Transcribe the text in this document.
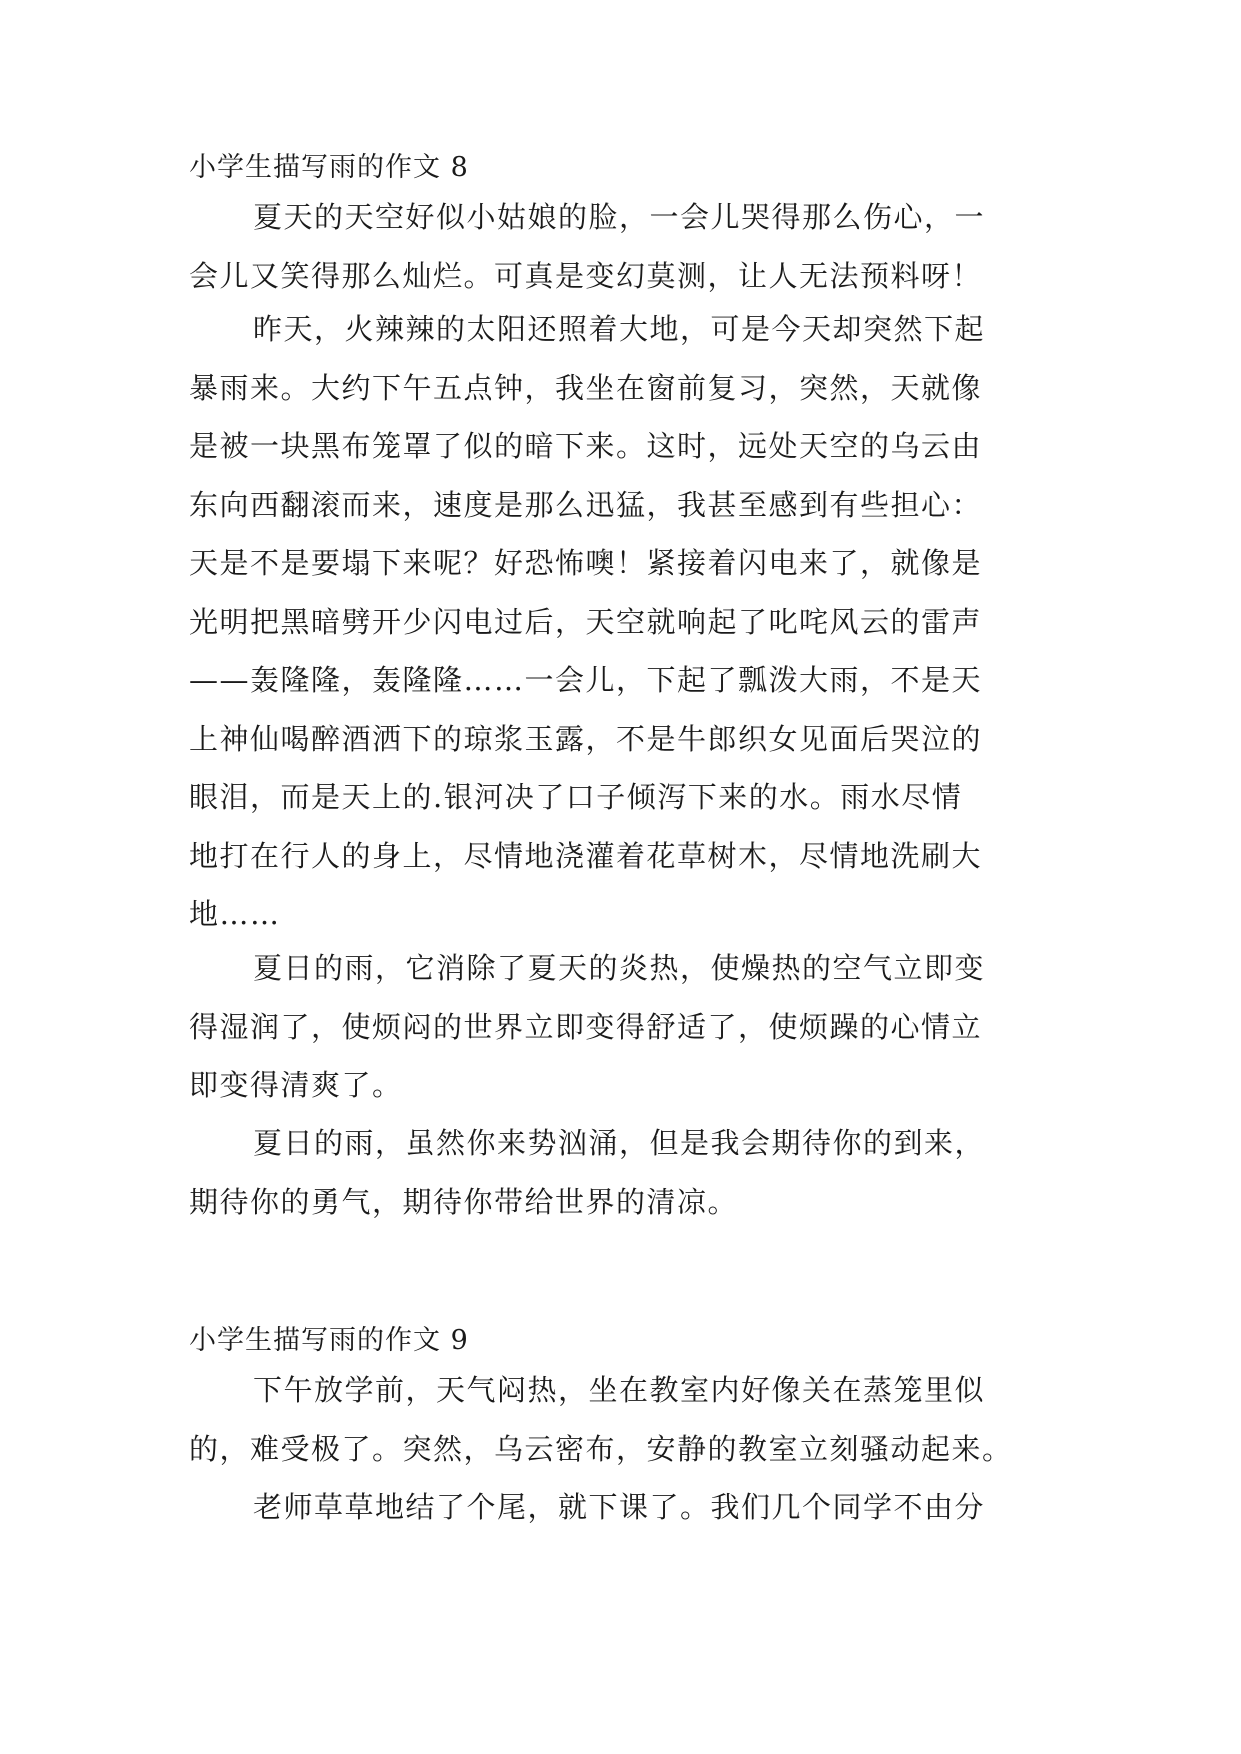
小学生描写雨的作文 8
夏天的天空好似小姑娘的脸，一会儿哭得那么伤心，一
会儿又笑得那么灿烂。可真是变幻莫测，让人无法预料呀！
昨天，火辣辣的太阳还照着大地，可是今天却突然下起
暴雨来。大约下午五点钟，我坐在窗前复习，突然，天就像
是被一块黑布笼罩了似的暗下来。这时，远处天空的乌云由
东向西翻滚而来，速度是那么迅猛，我甚至感到有些担心：
天是不是要塌下来呢？好恐怖噢！紧接着闪电来了，就像是
光明把黑暗劈开少闪电过后，天空就响起了叱咤风云的雷声
——轰隆隆，轰隆隆……一会儿，下起了瓢泼大雨，不是天
上神仙喝醉酒洒下的琼浆玉露，不是牛郎织女见面后哭泣的
眼泪，而是天上的.银河决了口子倾泻下来的水。雨水尽情
地打在行人的身上，尽情地浇灌着花草树木，尽情地洗刷大
地……
夏日的雨，它消除了夏天的炎热，使燥热的空气立即变
得湿润了，使烦闷的世界立即变得舒适了，使烦躁的心情立
即变得清爽了。
夏日的雨，虽然你来势汹涌，但是我会期待你的到来，
期待你的勇气，期待你带给世界的清凉。
小学生描写雨的作文 9
下午放学前，天气闷热，坐在教室内好像关在蒸笼里似
的，难受极了。突然，乌云密布，安静的教室立刻骚动起来。
老师草草地结了个尾，就下课了。我们几个同学不由分
